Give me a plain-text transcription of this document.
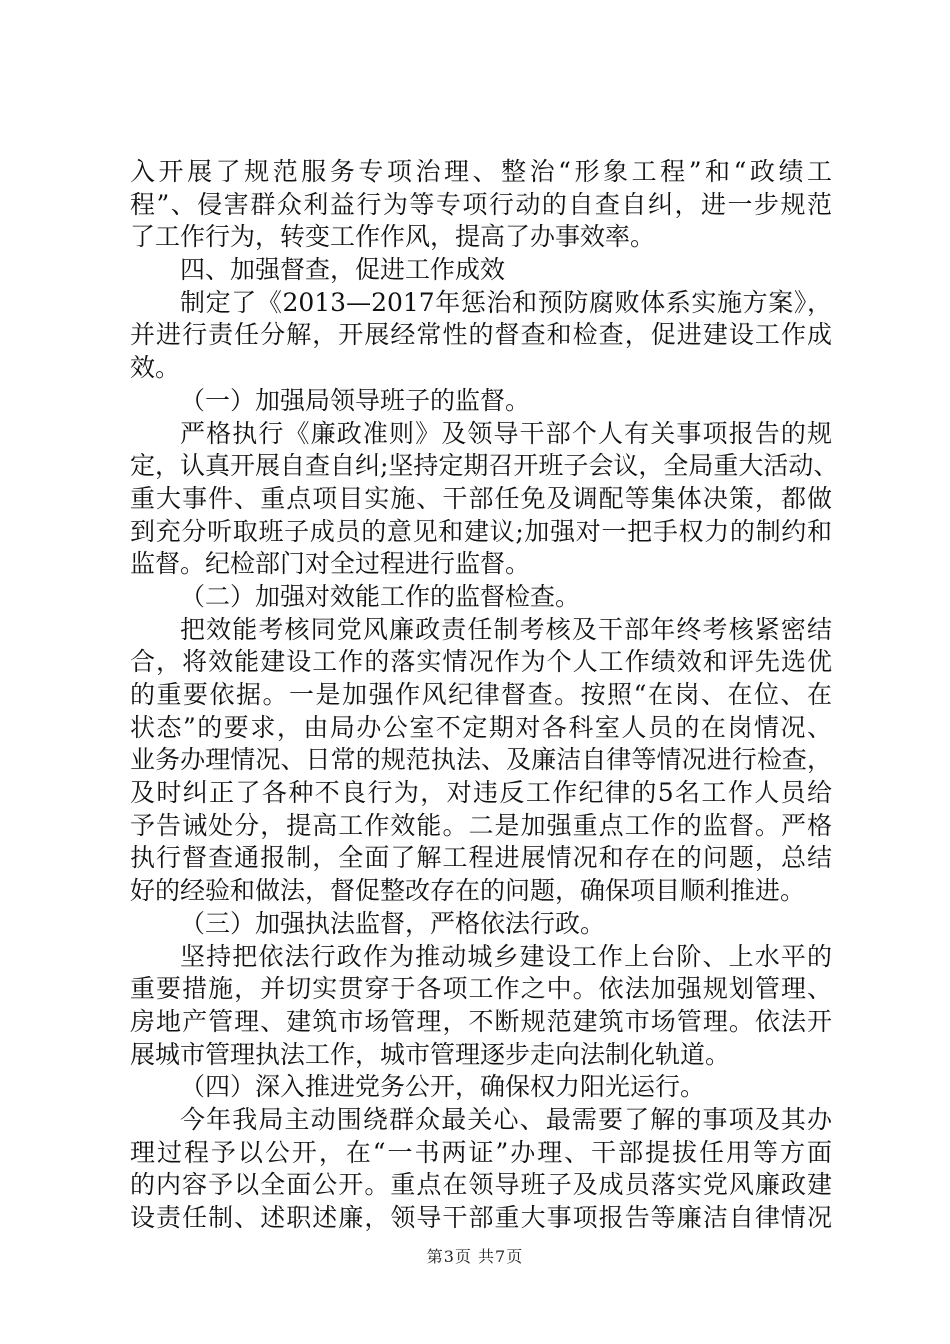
入开展了规范服务专项治理、整治“形象工程”和“政绩工
程”、侵害群众利益行为等专项行动的自查自纠，进一步规范
了工作行为，转变工作作风，提高了办事效率。
四、加强督查，促进工作成效
制定了《2013—2017年惩治和预防腐败体系实施方案》，
并进行责任分解，开展经常性的督查和检查，促进建设工作成
效。
（一）加强局领导班子的监督。
严格执行《廉政准则》及领导干部个人有关事项报告的规
定，认真开展自查自纠;坚持定期召开班子会议，全局重大活动、
重大事件、重点项目实施、干部任免及调配等集体决策，都做
到充分听取班子成员的意见和建议;加强对一把手权力的制约和
监督。纪检部门对全过程进行监督。
（二）加强对效能工作的监督检查。
把效能考核同党风廉政责任制考核及干部年终考核紧密结
合，将效能建设工作的落实情况作为个人工作绩效和评先选优
的重要依据。一是加强作风纪律督查。按照“在岗、在位、在
状态”的要求，由局办公室不定期对各科室人员的在岗情况、
业务办理情况、日常的规范执法、及廉洁自律等情况进行检查，
及时纠正了各种不良行为，对违反工作纪律的5名工作人员给
予告诫处分，提高工作效能。二是加强重点工作的监督。严格
执行督查通报制，全面了解工程进展情况和存在的问题，总结
好的经验和做法，督促整改存在的问题，确保项目顺利推进。
（三）加强执法监督，严格依法行政。
坚持把依法行政作为推动城乡建设工作上台阶、上水平的
重要措施，并切实贯穿于各项工作之中。依法加强规划管理、
房地产管理、建筑市场管理，不断规范建筑市场管理。依法开
展城市管理执法工作，城市管理逐步走向法制化轨道。
（四）深入推进党务公开，确保权力阳光运行。
今年我局主动围绕群众最关心、最需要了解的事项及其办
理过程予以公开，在“一书两证”办理、干部提拔任用等方面
的内容予以全面公开。重点在领导班子及成员落实党风廉政建
设责任制、述职述廉，领导干部重大事项报告等廉洁自律情况
第3页 共7页
